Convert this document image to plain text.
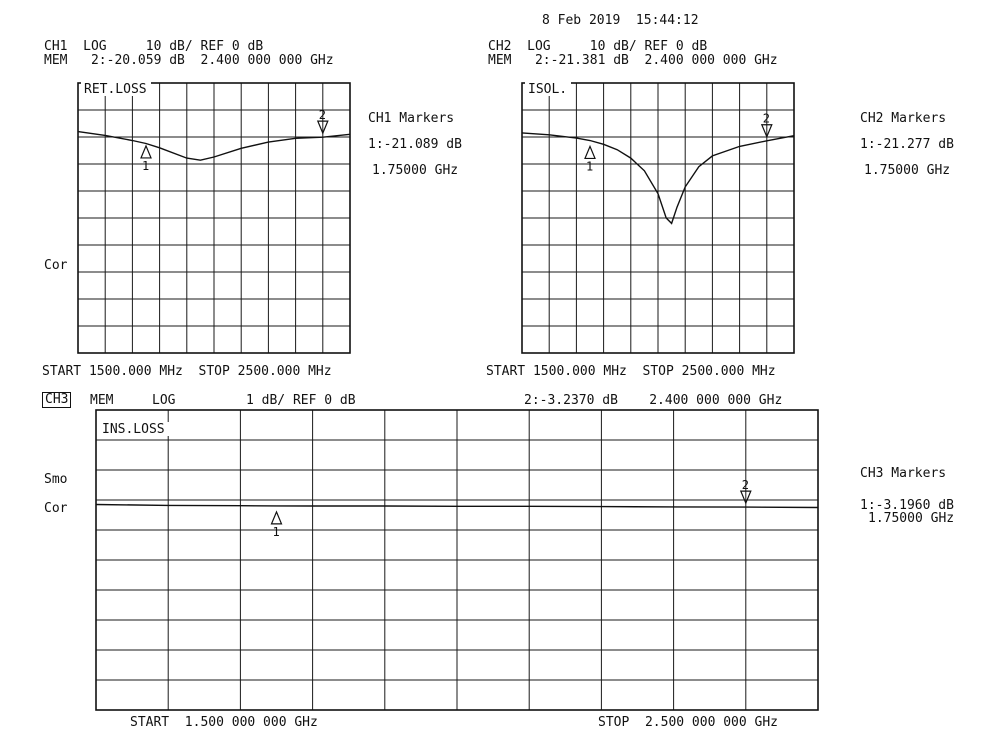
8 Feb 2019  15:44:12
CH1  LOG     10 dB/ REF 0 dB
MEM   2:-20.059 dB  2.400 000 000 GHz
CH2  LOG     10 dB/ REF 0 dB
MEM   2:-21.381 dB  2.400 000 000 GHz
CH1 Markers
1:-21.089 dB
1.75000 GHz
CH2 Markers
1:-21.277 dB
1.75000 GHz
Cor
START 1500.000 MHz  STOP 2500.000 MHz	START 1500.000 MHz  STOP 2500.000 MHz
CH3 MEM	LOG	1 dB/ REF 0 dB	2:-3.2370 dB    2.400 000 000 GHz
Smo
Cor
CH3 Markers
1:-3.1960 dB
1.75000 GHz
START  1.500 000 000 GHz	STOP  2.500 000 000 GHz
1
2
RET.LOSS
1
2
ISOL.
1
2
INS.LOSS
